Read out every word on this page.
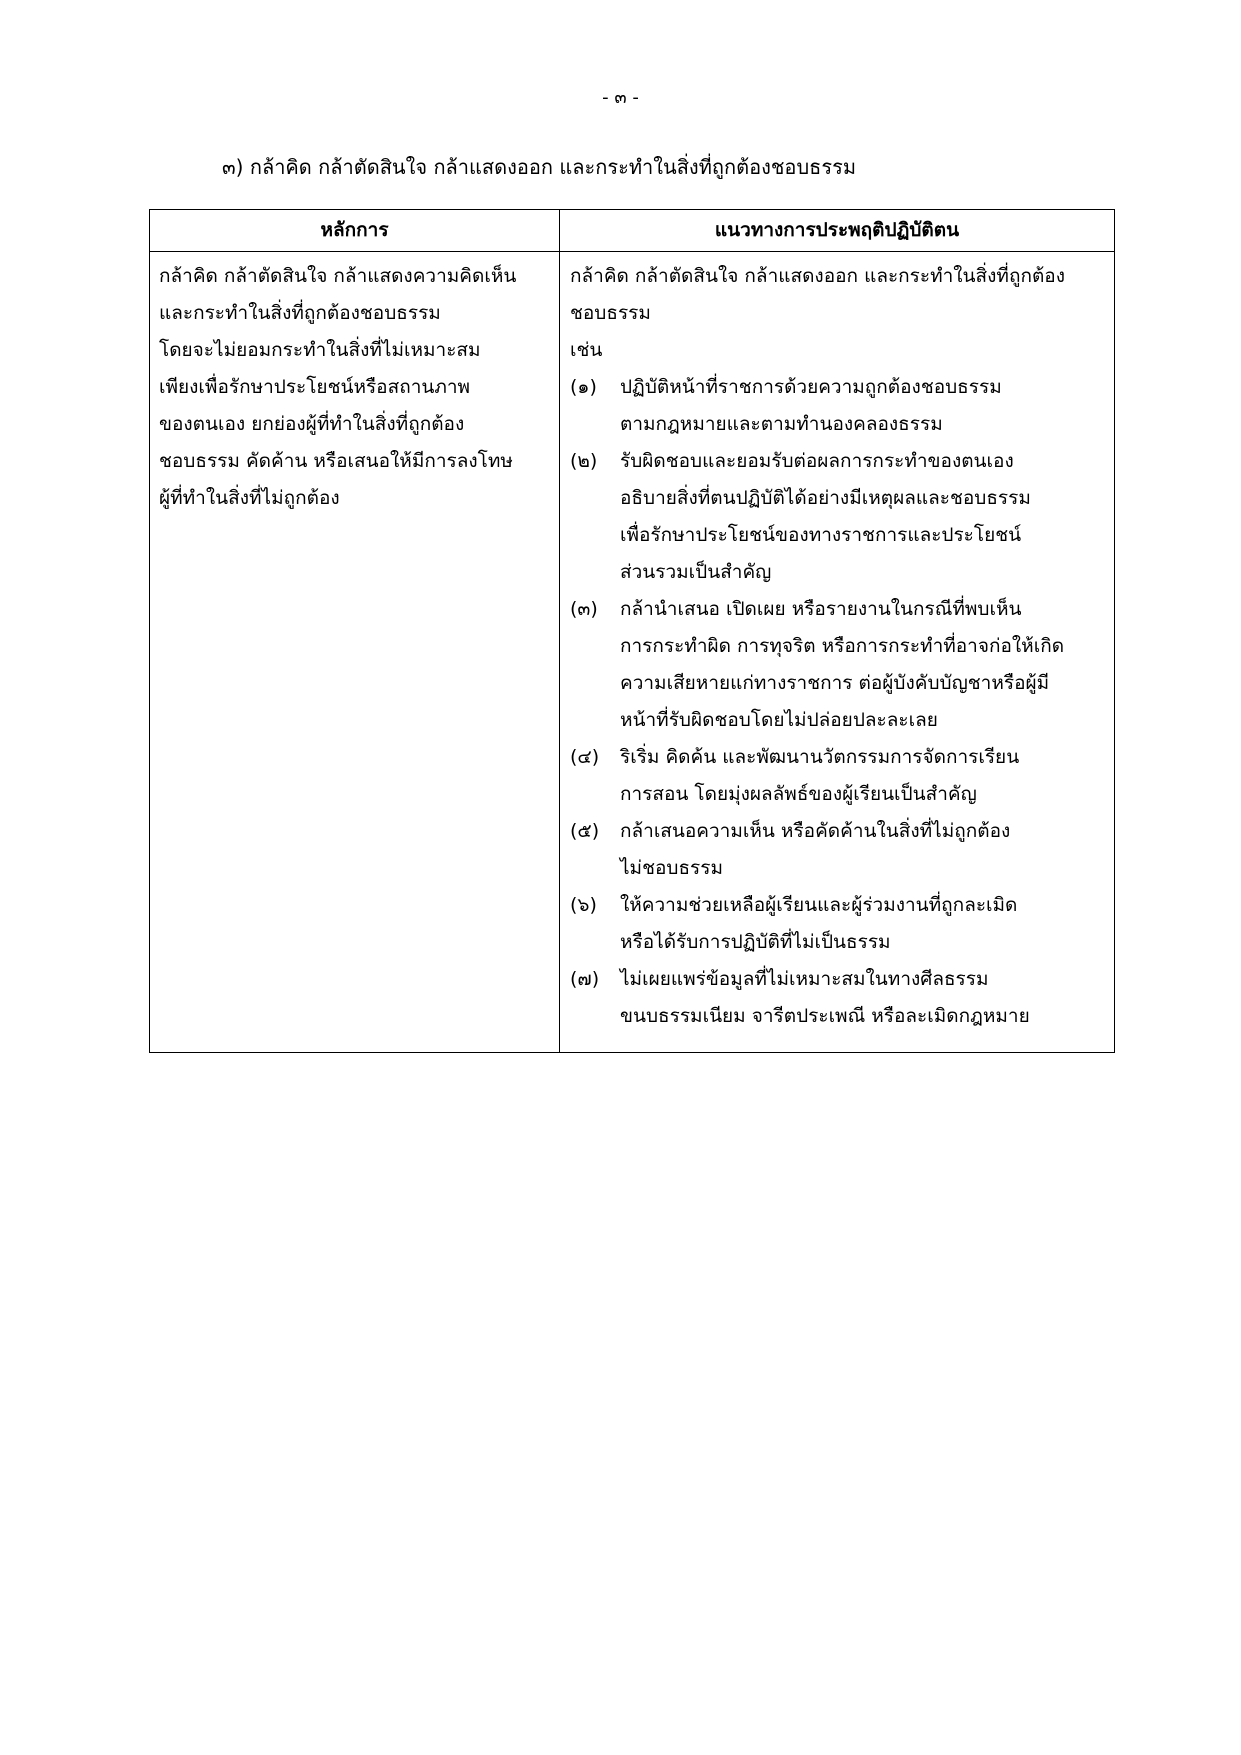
- ๓ -
๓) กล้าคิด กล้าตัดสินใจ กล้าแสดงออก และกระทำในสิ่งที่ถูกต้องชอบธรรม
หลักการ	แนวทางการประพฤติปฏิบัติตน
กล้าคิด กล้าตัดสินใจ กล้าแสดงความคิดเห็น
และกระทำในสิ่งที่ถูกต้องชอบธรรม
โดยจะไม่ยอมกระทำในสิ่งที่ไม่เหมาะสม
เพียงเพื่อรักษาประโยชน์หรือสถานภาพ
ของตนเอง ยกย่องผู้ที่ทำในสิ่งที่ถูกต้อง
ชอบธรรม คัดค้าน หรือเสนอให้มีการลงโทษ
ผู้ที่ทำในสิ่งที่ไม่ถูกต้อง
กล้าคิด กล้าตัดสินใจ กล้าแสดงออก และกระทำในสิ่งที่ถูกต้อง
ชอบธรรม
เช่น
(๑) ปฏิบัติหน้าที่ราชการด้วยความถูกต้องชอบธรรม
ตามกฎหมายและตามทำนองคลองธรรม
(๒) รับผิดชอบและยอมรับต่อผลการกระทำของตนเอง
อธิบายสิ่งที่ตนปฏิบัติได้อย่างมีเหตุผลและชอบธรรม
เพื่อรักษาประโยชน์ของทางราชการและประโยชน์
ส่วนรวมเป็นสำคัญ
(๓) กล้านำเสนอ เปิดเผย หรือรายงานในกรณีที่พบเห็น
การกระทำผิด การทุจริต หรือการกระทำที่อาจก่อให้เกิด
ความเสียหายแก่ทางราชการ ต่อผู้บังคับบัญชาหรือผู้มี
หน้าที่รับผิดชอบโดยไม่ปล่อยปละละเลย
(๔) ริเริ่ม คิดค้น และพัฒนานวัตกรรมการจัดการเรียน
การสอน โดยมุ่งผลลัพธ์ของผู้เรียนเป็นสำคัญ
(๕) กล้าเสนอความเห็น หรือคัดค้านในสิ่งที่ไม่ถูกต้อง
ไม่ชอบธรรม
(๖) ให้ความช่วยเหลือผู้เรียนและผู้ร่วมงานที่ถูกละเมิด
หรือได้รับการปฏิบัติที่ไม่เป็นธรรม
(๗) ไม่เผยแพร่ข้อมูลที่ไม่เหมาะสมในทางศีลธรรม
ขนบธรรมเนียม จารีตประเพณี หรือละเมิดกฎหมาย
